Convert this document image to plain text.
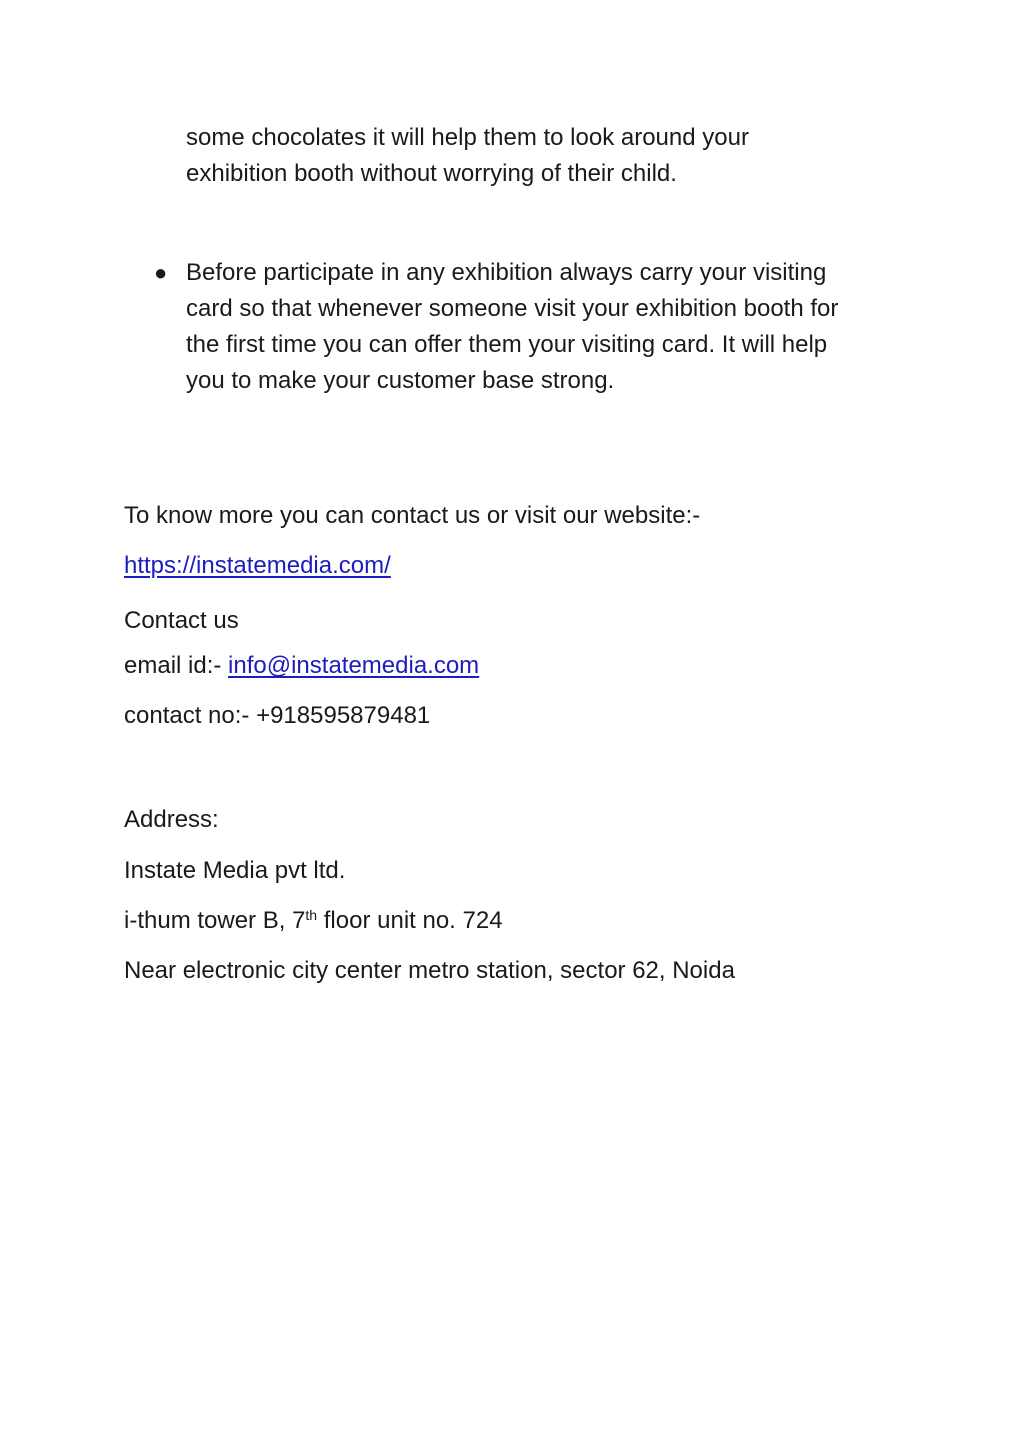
some chocolates it will help them to look around your
exhibition booth without worrying of their child.
● Before participate in any exhibition always carry your visiting
card so that whenever someone visit your exhibition booth for
the first time you can offer them your visiting card. It will help
you to make your customer base strong.
To know more you can contact us or visit our website:-
https://instatemedia.com/
Contact us
email id:- info@instatemedia.com
contact no:- +918595879481
Address:
Instate Media pvt ltd.
i-thum tower B, 7th floor unit no. 724
Near electronic city center metro station, sector 62, Noida
